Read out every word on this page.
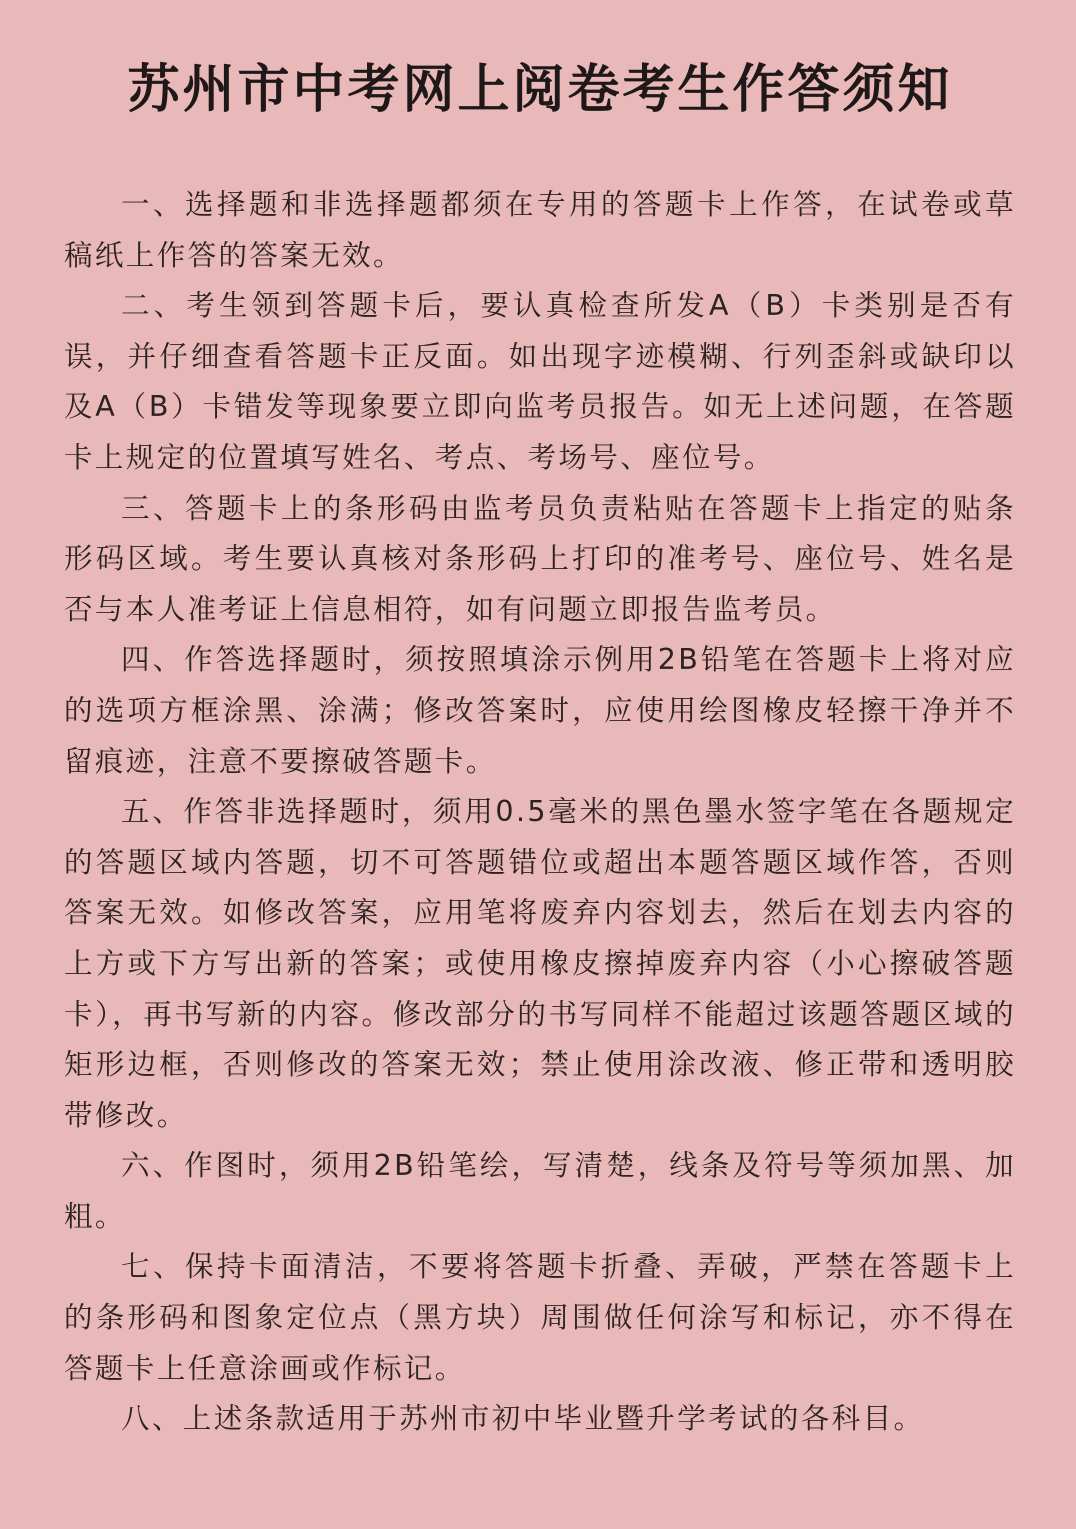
苏州市中考网上阅卷考生作答须知

一、选择题和非选择题都须在专用的答题卡上作答，在试卷或草稿纸上作答的答案无效。

二、考生领到答题卡后，要认真检查所发A（B）卡类别是否有误，并仔细查看答题卡正反面。如出现字迹模糊、行列歪斜或缺印以及A（B）卡错发等现象要立即向监考员报告。如无上述问题，在答题卡上规定的位置填写姓名、考点、考场号、座位号。

三、答题卡上的条形码由监考员负责粘贴在答题卡上指定的贴条形码区域。考生要认真核对条形码上打印的准考号、座位号、姓名是否与本人准考证上信息相符，如有问题立即报告监考员。

四、作答选择题时，须按照填涂示例用2B铅笔在答题卡上将对应的选项方框涂黑、涂满；修改答案时，应使用绘图橡皮轻擦干净并不留痕迹，注意不要擦破答题卡。

五、作答非选择题时，须用0.5毫米的黑色墨水签字笔在各题规定的答题区域内答题，切不可答题错位或超出本题答题区域作答，否则答案无效。如修改答案，应用笔将废弃内容划去，然后在划去内容的上方或下方写出新的答案；或使用橡皮擦掉废弃内容（小心擦破答题卡），再书写新的内容。修改部分的书写同样不能超过该题答题区域的矩形边框，否则修改的答案无效；禁止使用涂改液、修正带和透明胶带修改。

六、作图时，须用2B铅笔绘，写清楚，线条及符号等须加黑、加粗。

七、保持卡面清洁，不要将答题卡折叠、弄破，严禁在答题卡上的条形码和图象定位点（黑方块）周围做任何涂写和标记，亦不得在答题卡上任意涂画或作标记。

八、上述条款适用于苏州市初中毕业暨升学考试的各科目。
